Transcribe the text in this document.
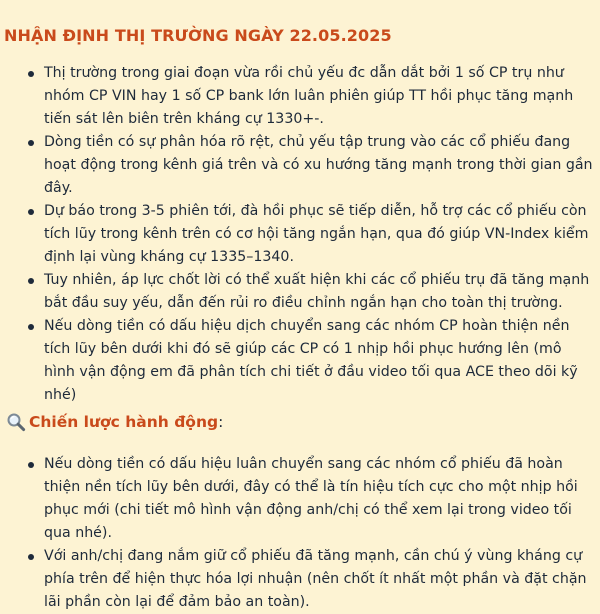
NHẬN ĐỊNH THỊ TRƯỜNG NGÀY 22.05.2025
Thị trường trong giai đoạn vừa rồi chủ yếu đc dẫn dắt bởi 1 số CP trụ như nhóm CP VIN hay 1 số CP bank lớn luân phiên giúp TT hồi phục tăng mạnh tiến sát lên biên trên kháng cự 1330+-.
Dòng tiền có sự phân hóa rõ rệt, chủ yếu tập trung vào các cổ phiếu đang hoạt động trong kênh giá trên và có xu hướng tăng mạnh trong thời gian gần đây.
Dự báo trong 3-5 phiên tới, đà hồi phục sẽ tiếp diễn, hỗ trợ các cổ phiếu còn tích lũy trong kênh trên có cơ hội tăng ngắn hạn, qua đó giúp VN-Index kiểm định lại vùng kháng cự 1335–1340.
Tuy nhiên, áp lực chốt lời có thể xuất hiện khi các cổ phiếu trụ đã tăng mạnh bắt đầu suy yếu, dẫn đến rủi ro điều chỉnh ngắn hạn cho toàn thị trường.
Nếu dòng tiền có dấu hiệu dịch chuyển sang các nhóm CP hoàn thiện nền tích lũy bên dưới khi đó sẽ giúp các CP có 1 nhịp hồi phục hướng lên (mô hình vận động em đã phân tích chi tiết ở đầu video tối qua ACE theo dõi kỹ nhé)
Chiến lược hành động :
Nếu dòng tiền có dấu hiệu luân chuyển sang các nhóm cổ phiếu đã hoàn thiện nền tích lũy bên dưới, đây có thể là tín hiệu tích cực cho một nhịp hồi phục mới (chi tiết mô hình vận động anh/chị có thể xem lại trong video tối qua nhé).
Với anh/chị đang nắm giữ cổ phiếu đã tăng mạnh, cần chú ý vùng kháng cự phía trên để hiện thực hóa lợi nhuận (nên chốt ít nhất một phần và đặt chặn lãi phần còn lại để đảm bảo an toàn).
